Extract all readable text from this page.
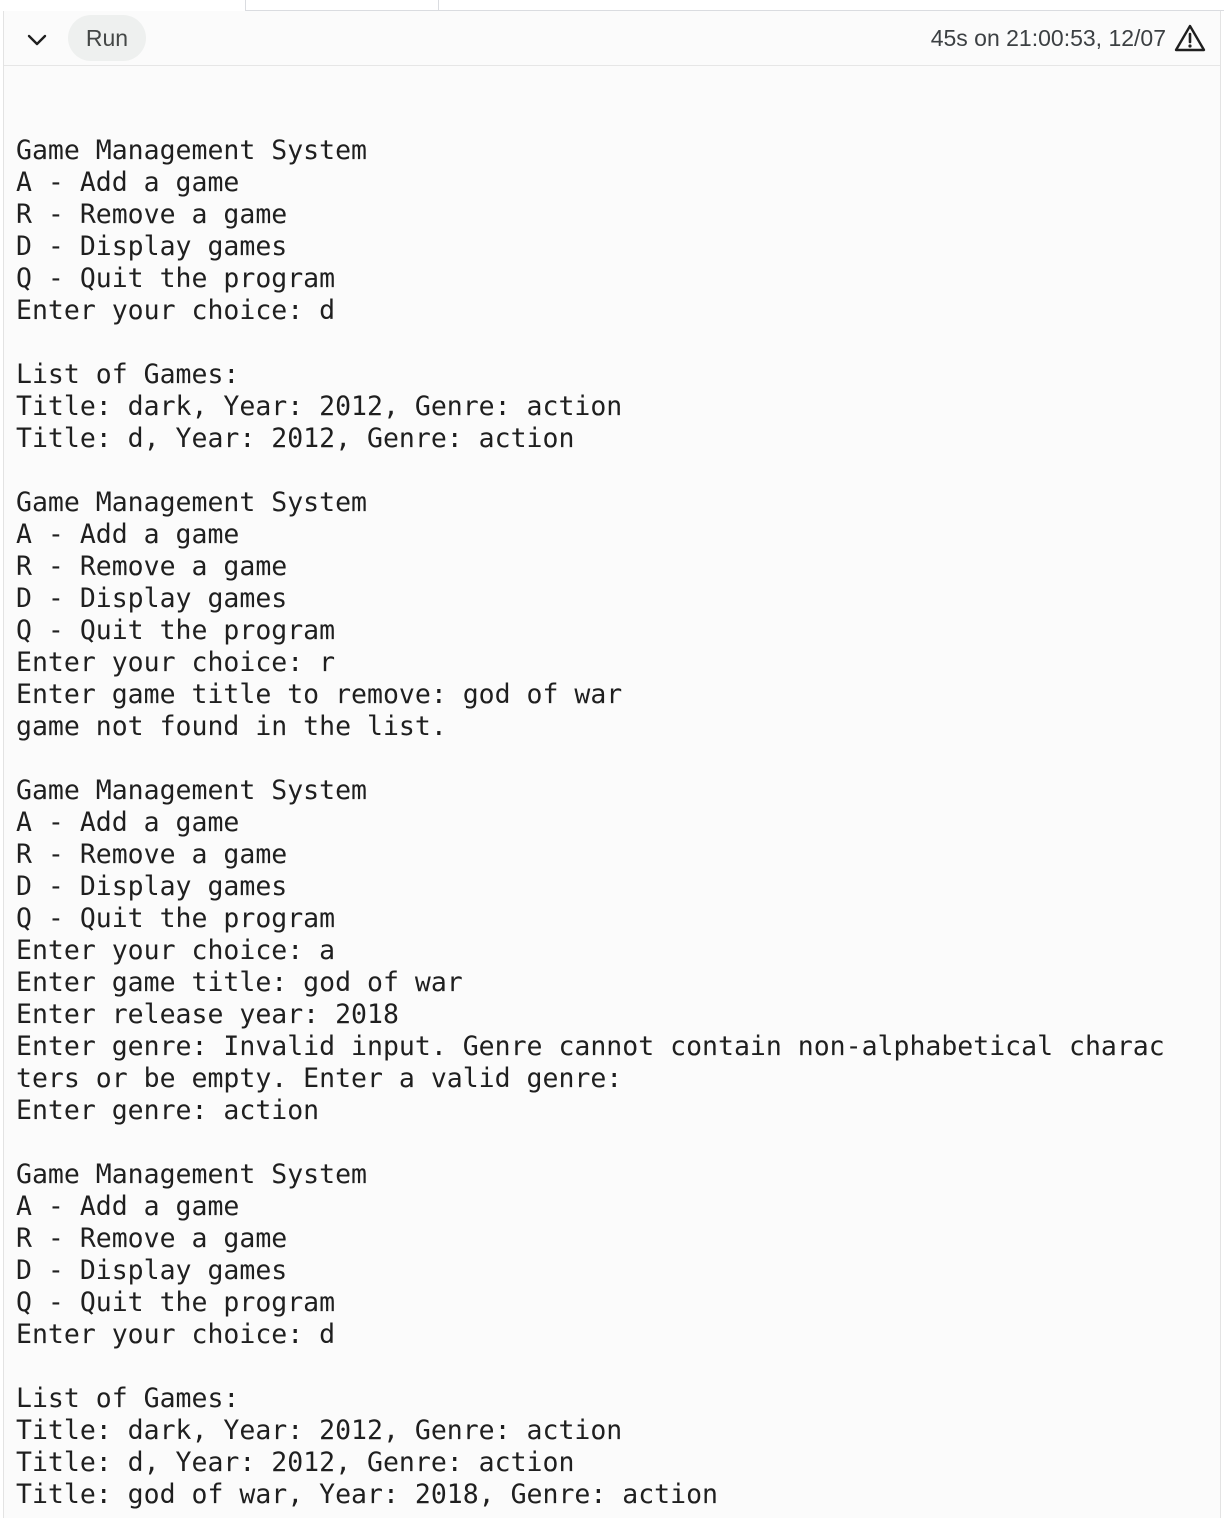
Run	45s on 21:00:53, 12/07
Game Management System
A - Add a game
R - Remove a game
D - Display games
Q - Quit the program
Enter your choice: d
List of Games:
Title: dark, Year: 2012, Genre: action
Title: d, Year: 2012, Genre: action
Game Management System
A - Add a game
R - Remove a game
D - Display games
Q - Quit the program
Enter your choice: r
Enter game title to remove: god of war
game not found in the list.
Game Management System
A - Add a game
R - Remove a game
D - Display games
Q - Quit the program
Enter your choice: a
Enter game title: god of war
Enter release year: 2018
Enter genre: Invalid input. Genre cannot contain non-alphabetical charac
ters or be empty. Enter a valid genre:
Enter genre: action
Game Management System
A - Add a game
R - Remove a game
D - Display games
Q - Quit the program
Enter your choice: d
List of Games:
Title: dark, Year: 2012, Genre: action
Title: d, Year: 2012, Genre: action
Title: god of war, Year: 2018, Genre: action
